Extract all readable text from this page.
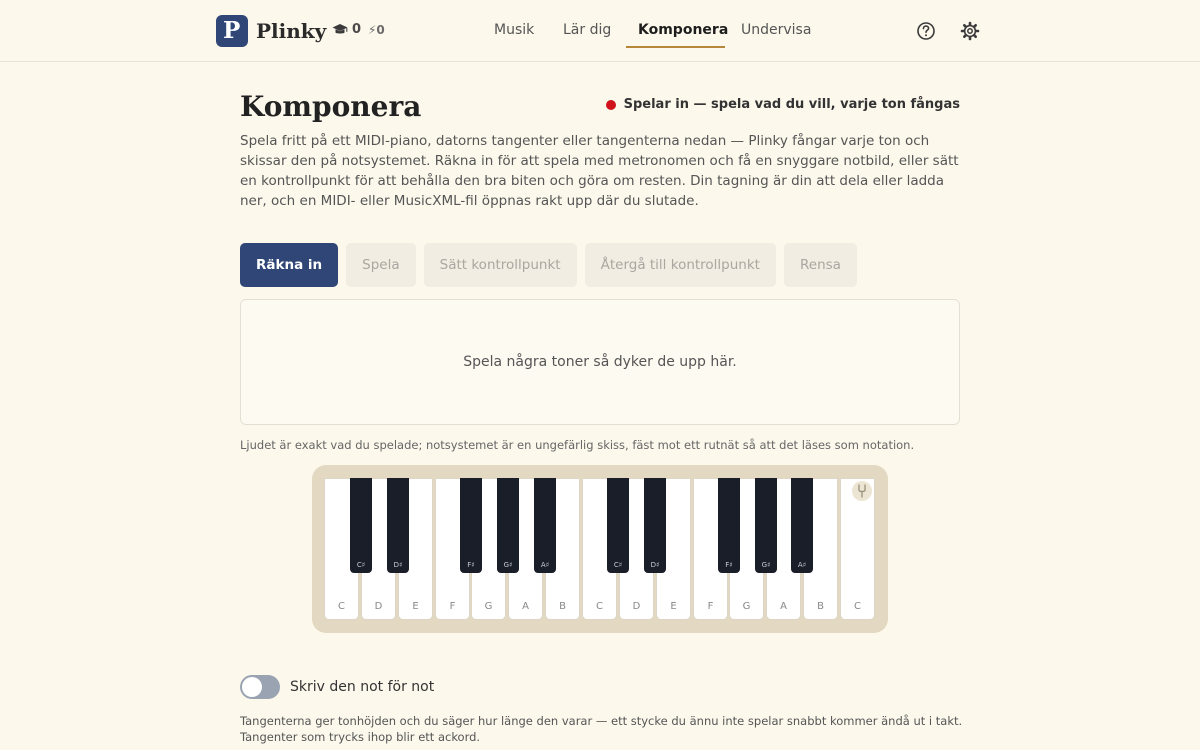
P Plinky 0 ⚡0	Musik Lär dig Komponera Undervisa
Komponera	Spelar in — spela vad du vill, varje ton fångas

Spela fritt på ett MIDI-piano, datorns tangenter eller tangenterna nedan — Plinky fångar varje ton och skissar den på notsystemet. Räkna in för att spela med metronomen och få en snyggare notbild, eller sätt en kontrollpunkt för att behålla den bra biten och göra om resten. Din tagning är din att dela eller ladda ner, och en MIDI- eller MusicXML-fil öppnas rakt upp där du slutade.

Räkna in	Spela	Sätt kontrollpunkt	Återgå till kontrollpunkt	Rensa
Spela några toner så dyker de upp här.

Ljudet är exakt vad du spelade; notsystemet är en ungefärlig skiss, fäst mot ett rutnät så att det läses som notation.

C	D	E	F	G	A	B	C	D	E	F	G	A	B	C
C♯	D♯	F♯	G♯	A♯	C♯	D♯	F♯	G♯	A♯
Skriv den not för not

Tangenterna ger tonhöjden och du säger hur länge den varar — ett stycke du ännu inte spelar snabbt kommer ändå ut i takt. Tangenter som trycks ihop blir ett ackord.
